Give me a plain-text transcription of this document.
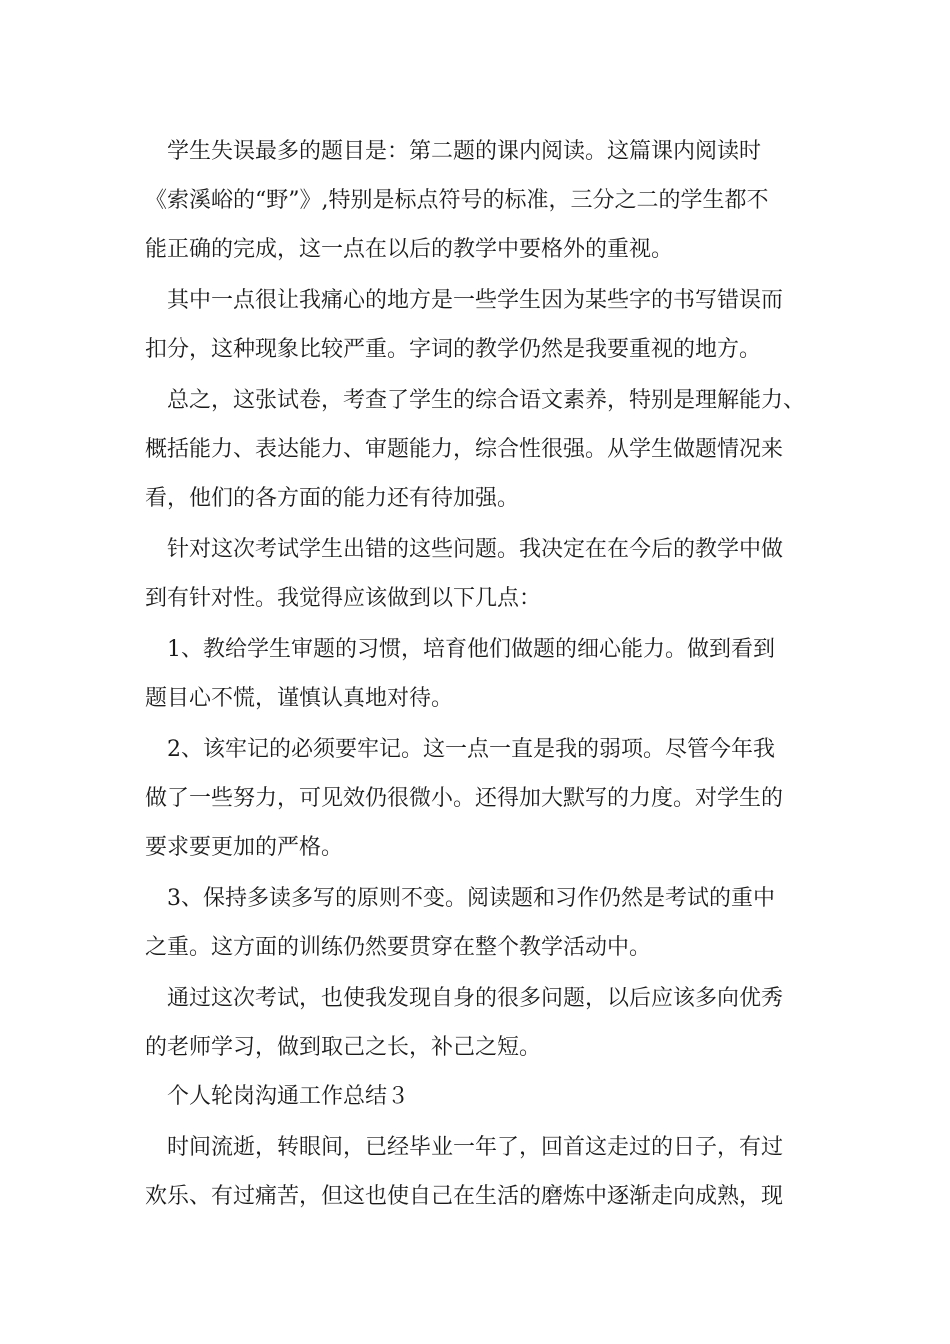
　学生失误最多的题目是：第二题的课内阅读。这篇课内阅读时
《索溪峪的“野”》,特别是标点符号的标准，三分之二的学生都不
能正确的完成，这一点在以后的教学中要格外的重视。
　其中一点很让我痛心的地方是一些学生因为某些字的书写错误而
扣分，这种现象比较严重。字词的教学仍然是我要重视的地方。
　总之，这张试卷，考查了学生的综合语文素养，特别是理解能力、
概括能力、表达能力、审题能力，综合性很强。从学生做题情况来
看，他们的各方面的能力还有待加强。
　针对这次考试学生出错的这些问题。我决定在在今后的教学中做
到有针对性。我觉得应该做到以下几点：
　1、教给学生审题的习惯，培育他们做题的细心能力。做到看到
题目心不慌，谨慎认真地对待。
　2、该牢记的必须要牢记。这一点一直是我的弱项。尽管今年我
做了一些努力，可见效仍很微小。还得加大默写的力度。对学生的
要求要更加的严格。
　3、保持多读多写的原则不变。阅读题和习作仍然是考试的重中
之重。这方面的训练仍然要贯穿在整个教学活动中。
　通过这次考试，也使我发现自身的很多问题，以后应该多向优秀
的老师学习，做到取己之长，补己之短。
　个人轮岗沟通工作总结３
　时间流逝，转眼间，已经毕业一年了，回首这走过的日子，有过
欢乐、有过痛苦，但这也使自己在生活的磨炼中逐渐走向成熟，现
